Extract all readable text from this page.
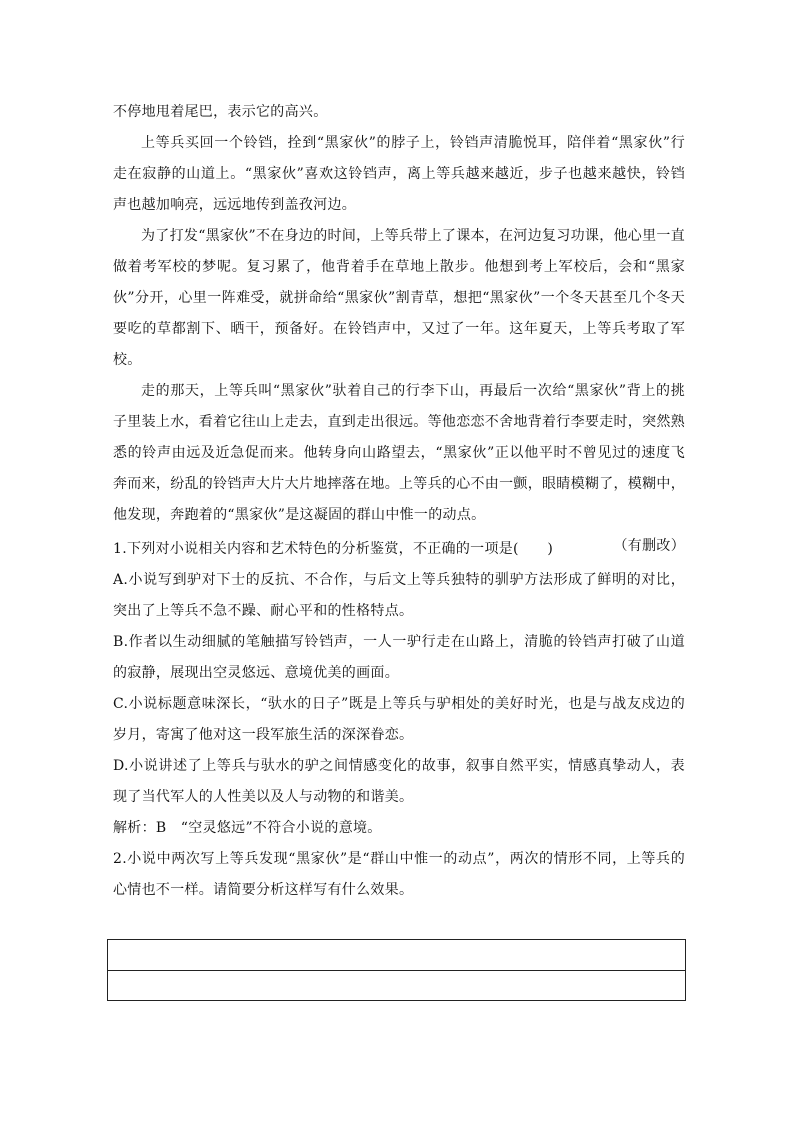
不停地甩着尾巴，表示它的高兴。

上等兵买回一个铃铛，拴到“黑家伙”的脖子上，铃铛声清脆悦耳，陪伴着“黑家伙”行走在寂静的山道上。“黑家伙”喜欢这铃铛声，离上等兵越来越近，步子也越来越快，铃铛声也越加响亮，远远地传到盖孜河边。

为了打发“黑家伙”不在身边的时间，上等兵带上了课本，在河边复习功课，他心里一直做着考军校的梦呢。复习累了，他背着手在草地上散步。他想到考上军校后，会和“黑家伙”分开，心里一阵难受，就拼命给“黑家伙”割青草，想把“黑家伙”一个冬天甚至几个冬天要吃的草都割下、晒干，预备好。在铃铛声中，又过了一年。这年夏天，上等兵考取了军校。

走的那天，上等兵叫“黑家伙”驮着自己的行李下山，再最后一次给“黑家伙”背上的挑子里装上水，看着它往山上走去，直到走出很远。等他恋恋不舍地背着行李要走时，突然熟悉的铃声由远及近急促而来。他转身向山路望去，“黑家伙”正以他平时不曾见过的速度飞奔而来，纷乱的铃铛声大片大片地摔落在地。上等兵的心不由一颤，眼睛模糊了，模糊中，他发现，奔跑着的“黑家伙”是这凝固的群山中惟一的动点。

（有删改）

1.下列对小说相关内容和艺术特色的分析鉴赏，不正确的一项是(　　)

A.小说写到驴对下士的反抗、不合作，与后文上等兵独特的驯驴方法形成了鲜明的对比，突出了上等兵不急不躁、耐心平和的性格特点。

B.作者以生动细腻的笔触描写铃铛声，一人一驴行走在山路上，清脆的铃铛声打破了山道的寂静，展现出空灵悠远、意境优美的画面。

C.小说标题意味深长，“驮水的日子”既是上等兵与驴相处的美好时光，也是与战友戍边的岁月，寄寓了他对这一段军旅生活的深深眷恋。

D.小说讲述了上等兵与驮水的驴之间情感变化的故事，叙事自然平实，情感真挚动人，表现了当代军人的人性美以及人与动物的和谐美。

解析：B　“空灵悠远”不符合小说的意境。

2.小说中两次写上等兵发现“黑家伙”是“群山中惟一的动点”，两次的情形不同，上等兵的心情也不一样。请简要分析这样写有什么效果。
